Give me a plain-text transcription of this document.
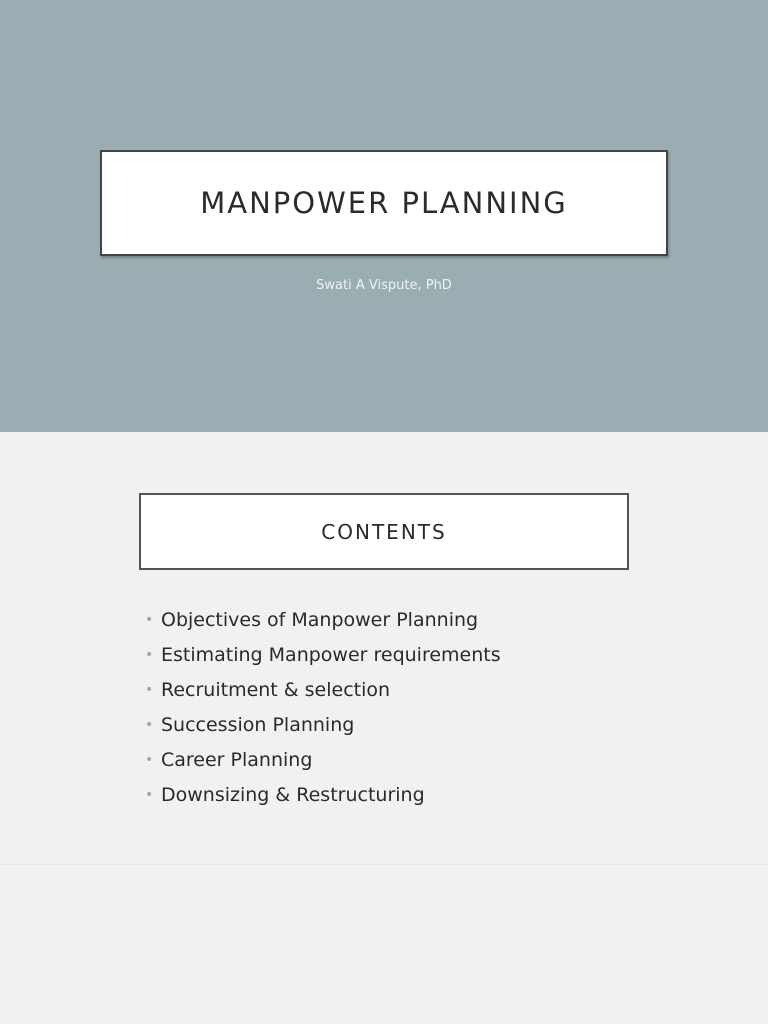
MANPOWER PLANNING
Swati A Vispute, PhD
CONTENTS
• Objectives of Manpower Planning
• Estimating Manpower requirements
• Recruitment & selection
• Succession Planning
• Career Planning
• Downsizing & Restructuring
